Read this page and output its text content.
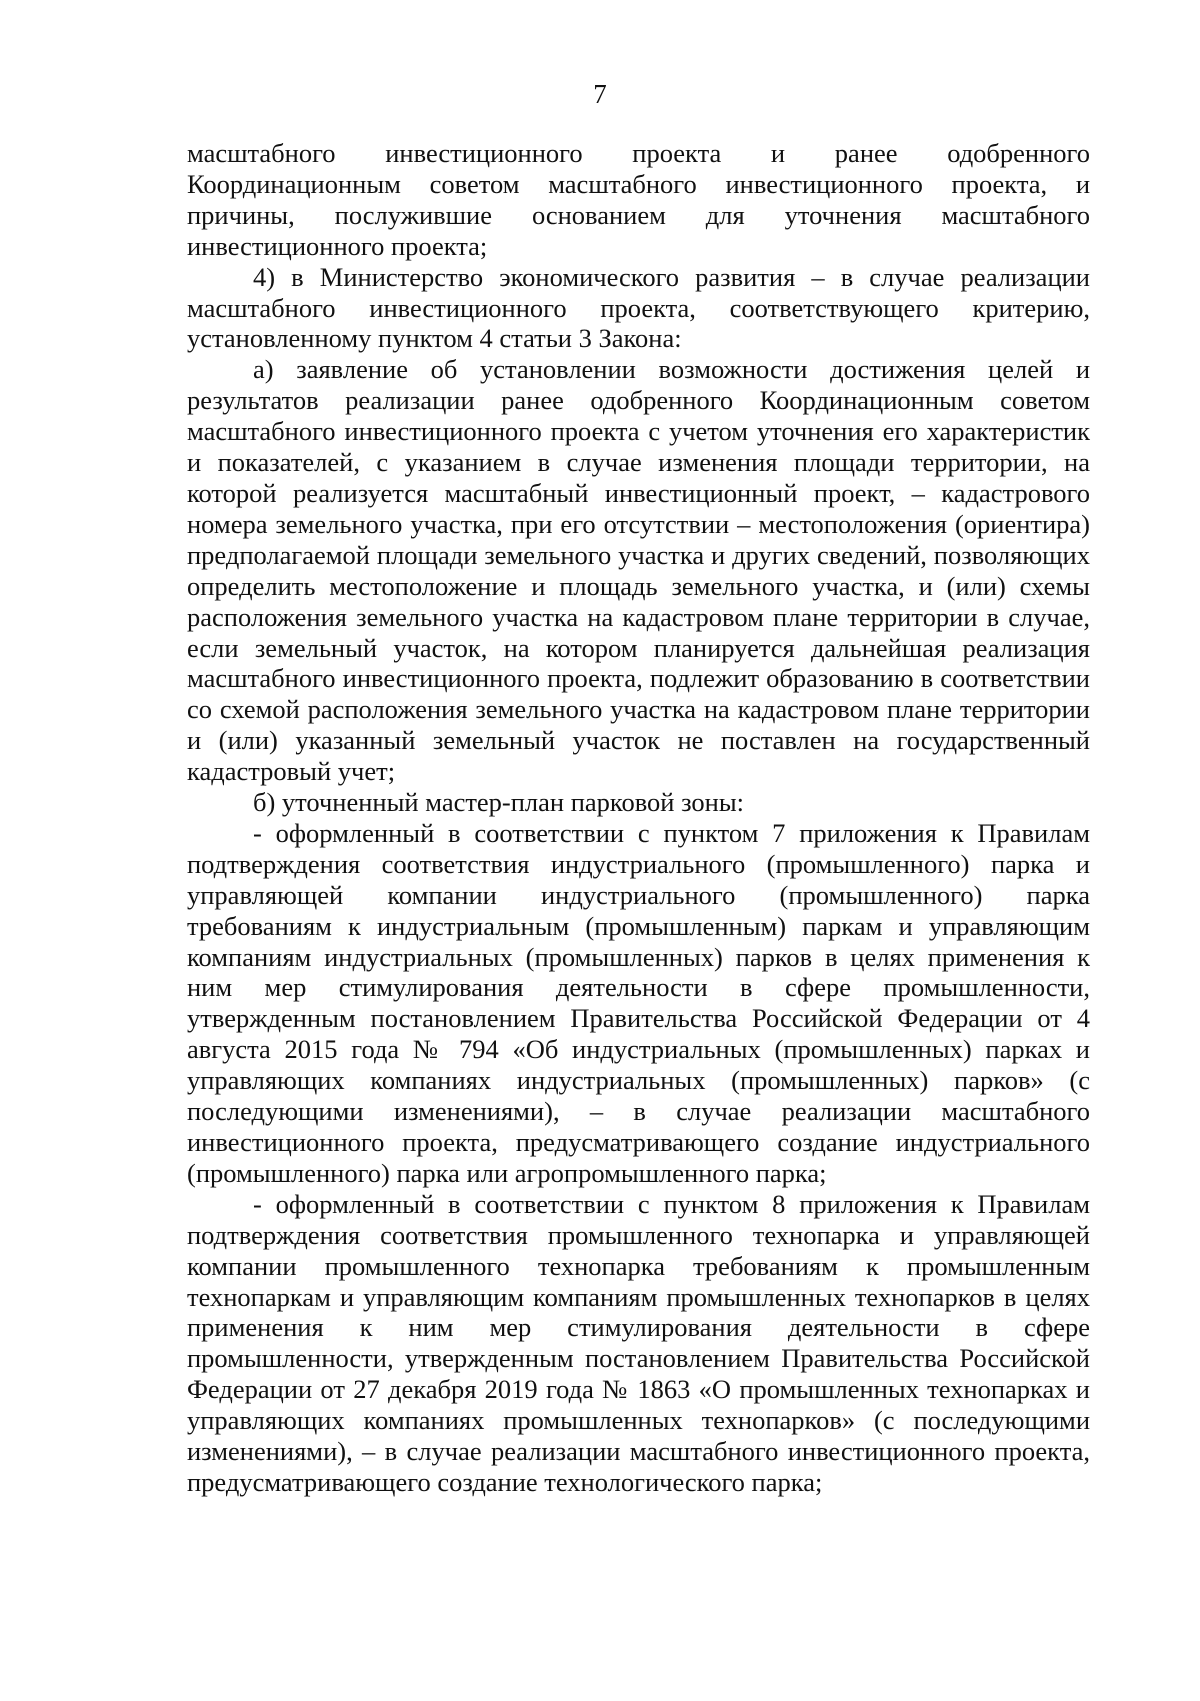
7

масштабного инвестиционного проекта и ранее одобренного Координационным советом масштабного инвестиционного проекта, и причины, послужившие основанием для уточнения масштабного инвестиционного проекта;

4) в Министерство экономического развития – в случае реализации масштабного инвестиционного проекта, соответствующего критерию, установленному пунктом 4 статьи 3 Закона:

а) заявление об установлении возможности достижения целей и результатов реализации ранее одобренного Координационным советом масштабного инвестиционного проекта с учетом уточнения его характеристик и показателей, с указанием в случае изменения площади территории, на которой реализуется масштабный инвестиционный проект, – кадастрового номера земельного участка, при его отсутствии – местоположения (ориентира) предполагаемой площади земельного участка и других сведений, позволяющих определить местоположение и площадь земельного участка, и (или) схемы расположения земельного участка на кадастровом плане территории в случае, если земельный участок, на котором планируется дальнейшая реализация масштабного инвестиционного проекта, подлежит образованию в соответствии со схемой расположения земельного участка на кадастровом плане территории и (или) указанный земельный участок не поставлен на государственный кадастровый учет;

б) уточненный мастер-план парковой зоны:

- оформленный в соответствии с пунктом 7 приложения к Правилам подтверждения соответствия индустриального (промышленного) парка и управляющей компании индустриального (промышленного) парка требованиям к индустриальным (промышленным) паркам и управляющим компаниям индустриальных (промышленных) парков в целях применения к ним мер стимулирования деятельности в сфере промышленности, утвержденным постановлением Правительства Российской Федерации от 4 августа 2015 года № 794 «Об индустриальных (промышленных) парках и управляющих компаниях индустриальных (промышленных) парков» (с последующими изменениями), – в случае реализации масштабного инвестиционного проекта, предусматривающего создание индустриального (промышленного) парка или агропромышленного парка;

- оформленный в соответствии с пунктом 8 приложения к Правилам подтверждения соответствия промышленного технопарка и управляющей компании промышленного технопарка требованиям к промышленным технопаркам и управляющим компаниям промышленных технопарков в целях применения к ним мер стимулирования деятельности в сфере промышленности, утвержденным постановлением Правительства Российской Федерации от 27 декабря 2019 года № 1863 «О промышленных технопарках и управляющих компаниях промышленных технопарков» (с последующими изменениями), – в случае реализации масштабного инвестиционного проекта, предусматривающего создание технологического парка;
